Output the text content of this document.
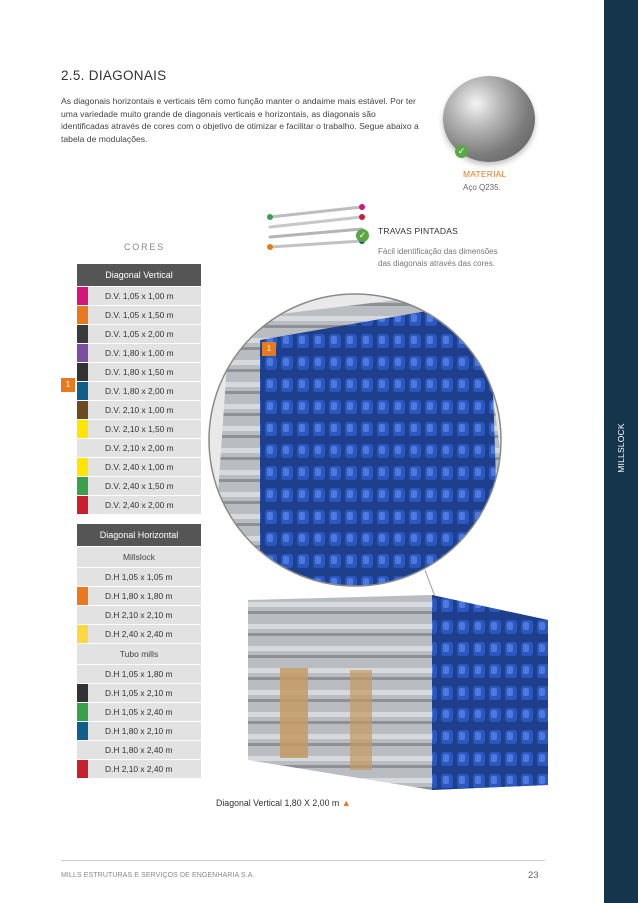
MILLSLOCK
2.5. DIAGONAIS
As diagonais horizontais e verticais têm como função manter o andaime mais estável. Por ter uma variedade muito grande de diagonais verticais e horizontais, as diagonais são identificadas através de cores com o objetivo de otimizar e facilitar o trabalho. Segue abaixo a tabela de modulações.
✓
MATERIAL
Aço Q235.
✓	TRAVAS PINTADAS
Fácil identificação das dimensões das diagonais através das cores.
CORES
1
Diagonal Vertical
D.V. 1,05 x 1,00 m
D.V. 1,05 x 1,50 m
D.V. 1,05 x 2,00 m
D.V. 1,80 x 1,00 m
D.V. 1,80 x 1,50 m
D.V. 1,80 x 2,00 m
D.V. 2,10 x 1,00 m
D.V. 2,10 x 1,50 m
D.V. 2,10 x 2,00 m
D.V. 2,40 x 1,00 m
D.V. 2,40 x 1,50 m
D.V. 2,40 x 2,00 m
Diagonal Horizontal
Millslock
D.H 1,05 x 1,05 m
D.H 1,80 x 1,80 m
D.H 2,10 x 2,10 m
D.H 2,40 x 2,40 m
Tubo mills
D.H 1,05 x 1,80 m
D.H 1,05 x 2,10 m
D.H 1,05 x 2,40 m
D.H 1,80 x 2,10 m
D.H 1,80 x 2,40 m
D.H 2,10 x 2,40 m
1
Diagonal Vertical 1,80 X 2,00 m ▲
MILLS ESTRUTURAS E SERVIÇOS DE ENGENHARIA S.A.	23
